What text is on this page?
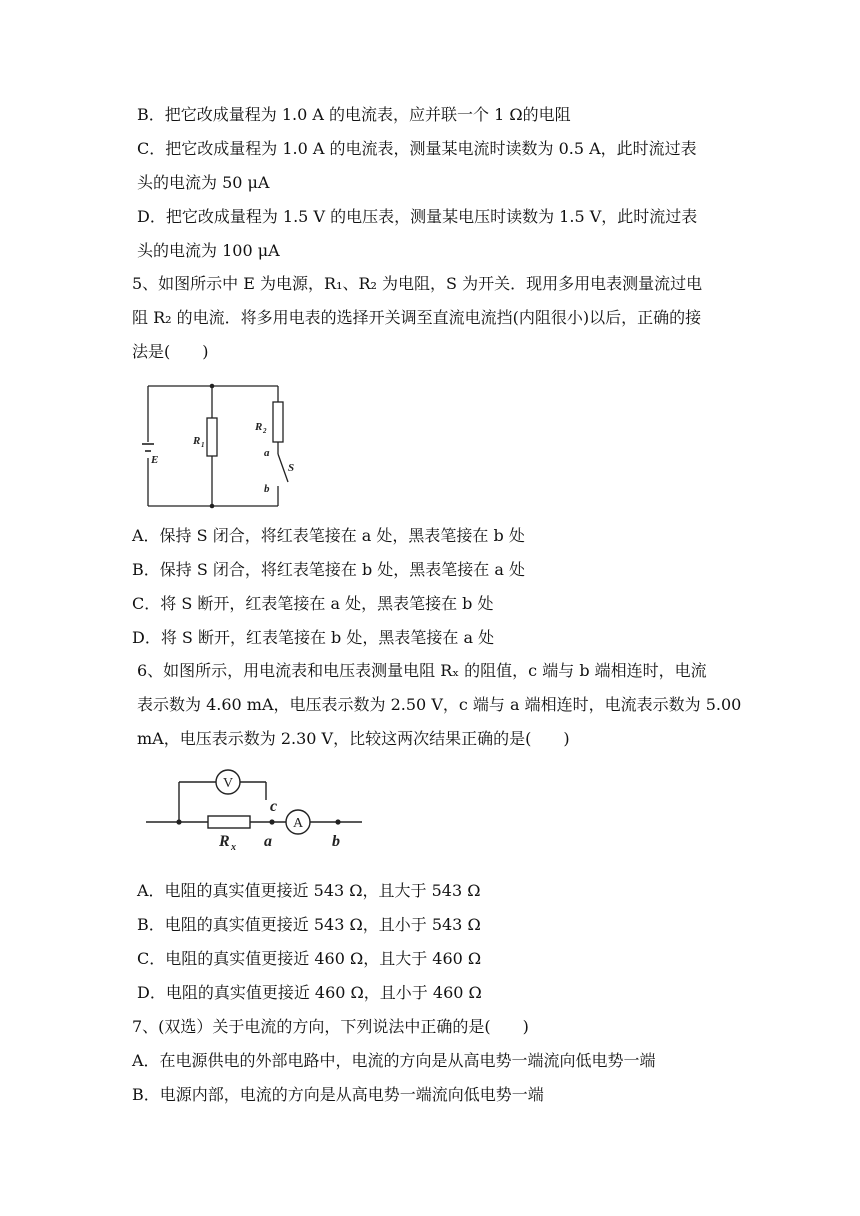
B．把它改成量程为 1.0 A 的电流表，应并联一个 1 Ω的电阻
C．把它改成量程为 1.0 A 的电流表，测量某电流时读数为 0.5 A，此时流过表
头的电流为 50 μA
D．把它改成量程为 1.5 V 的电压表，测量某电压时读数为 1.5 V，此时流过表
头的电流为 100 μA
5、如图所示中 E 为电源，R₁、R₂ 为电阻，S 为开关．现用多用电表测量流过电
阻 R₂ 的电流．将多用电表的选择开关调至直流电流挡(内阻很小)以后，正确的接
法是(　　)
E
R 1
R 2
a
S
b
A．保持 S 闭合，将红表笔接在 a 处，黑表笔接在 b 处
B．保持 S 闭合，将红表笔接在 b 处，黑表笔接在 a 处
C．将 S 断开，红表笔接在 a 处，黑表笔接在 b 处
D．将 S 断开，红表笔接在 b 处，黑表笔接在 a 处
6、如图所示，用电流表和电压表测量电阻 Rₓ 的阻值，c 端与 b 端相连时，电流
表示数为 4.60 mA，电压表示数为 2.50 V，c 端与 a 端相连时，电流表示数为 5.00
mA，电压表示数为 2.30 V，比较这两次结果正确的是(　　)
V
A
c
R x a	b
A．电阻的真实值更接近 543 Ω，且大于 543 Ω
B．电阻的真实值更接近 543 Ω，且小于 543 Ω
C．电阻的真实值更接近 460 Ω，且大于 460 Ω
D．电阻的真实值更接近 460 Ω，且小于 460 Ω
7、(双选）关于电流的方向，下列说法中正确的是(　　)
A．在电源供电的外部电路中，电流的方向是从高电势一端流向低电势一端
B．电源内部，电流的方向是从高电势一端流向低电势一端
